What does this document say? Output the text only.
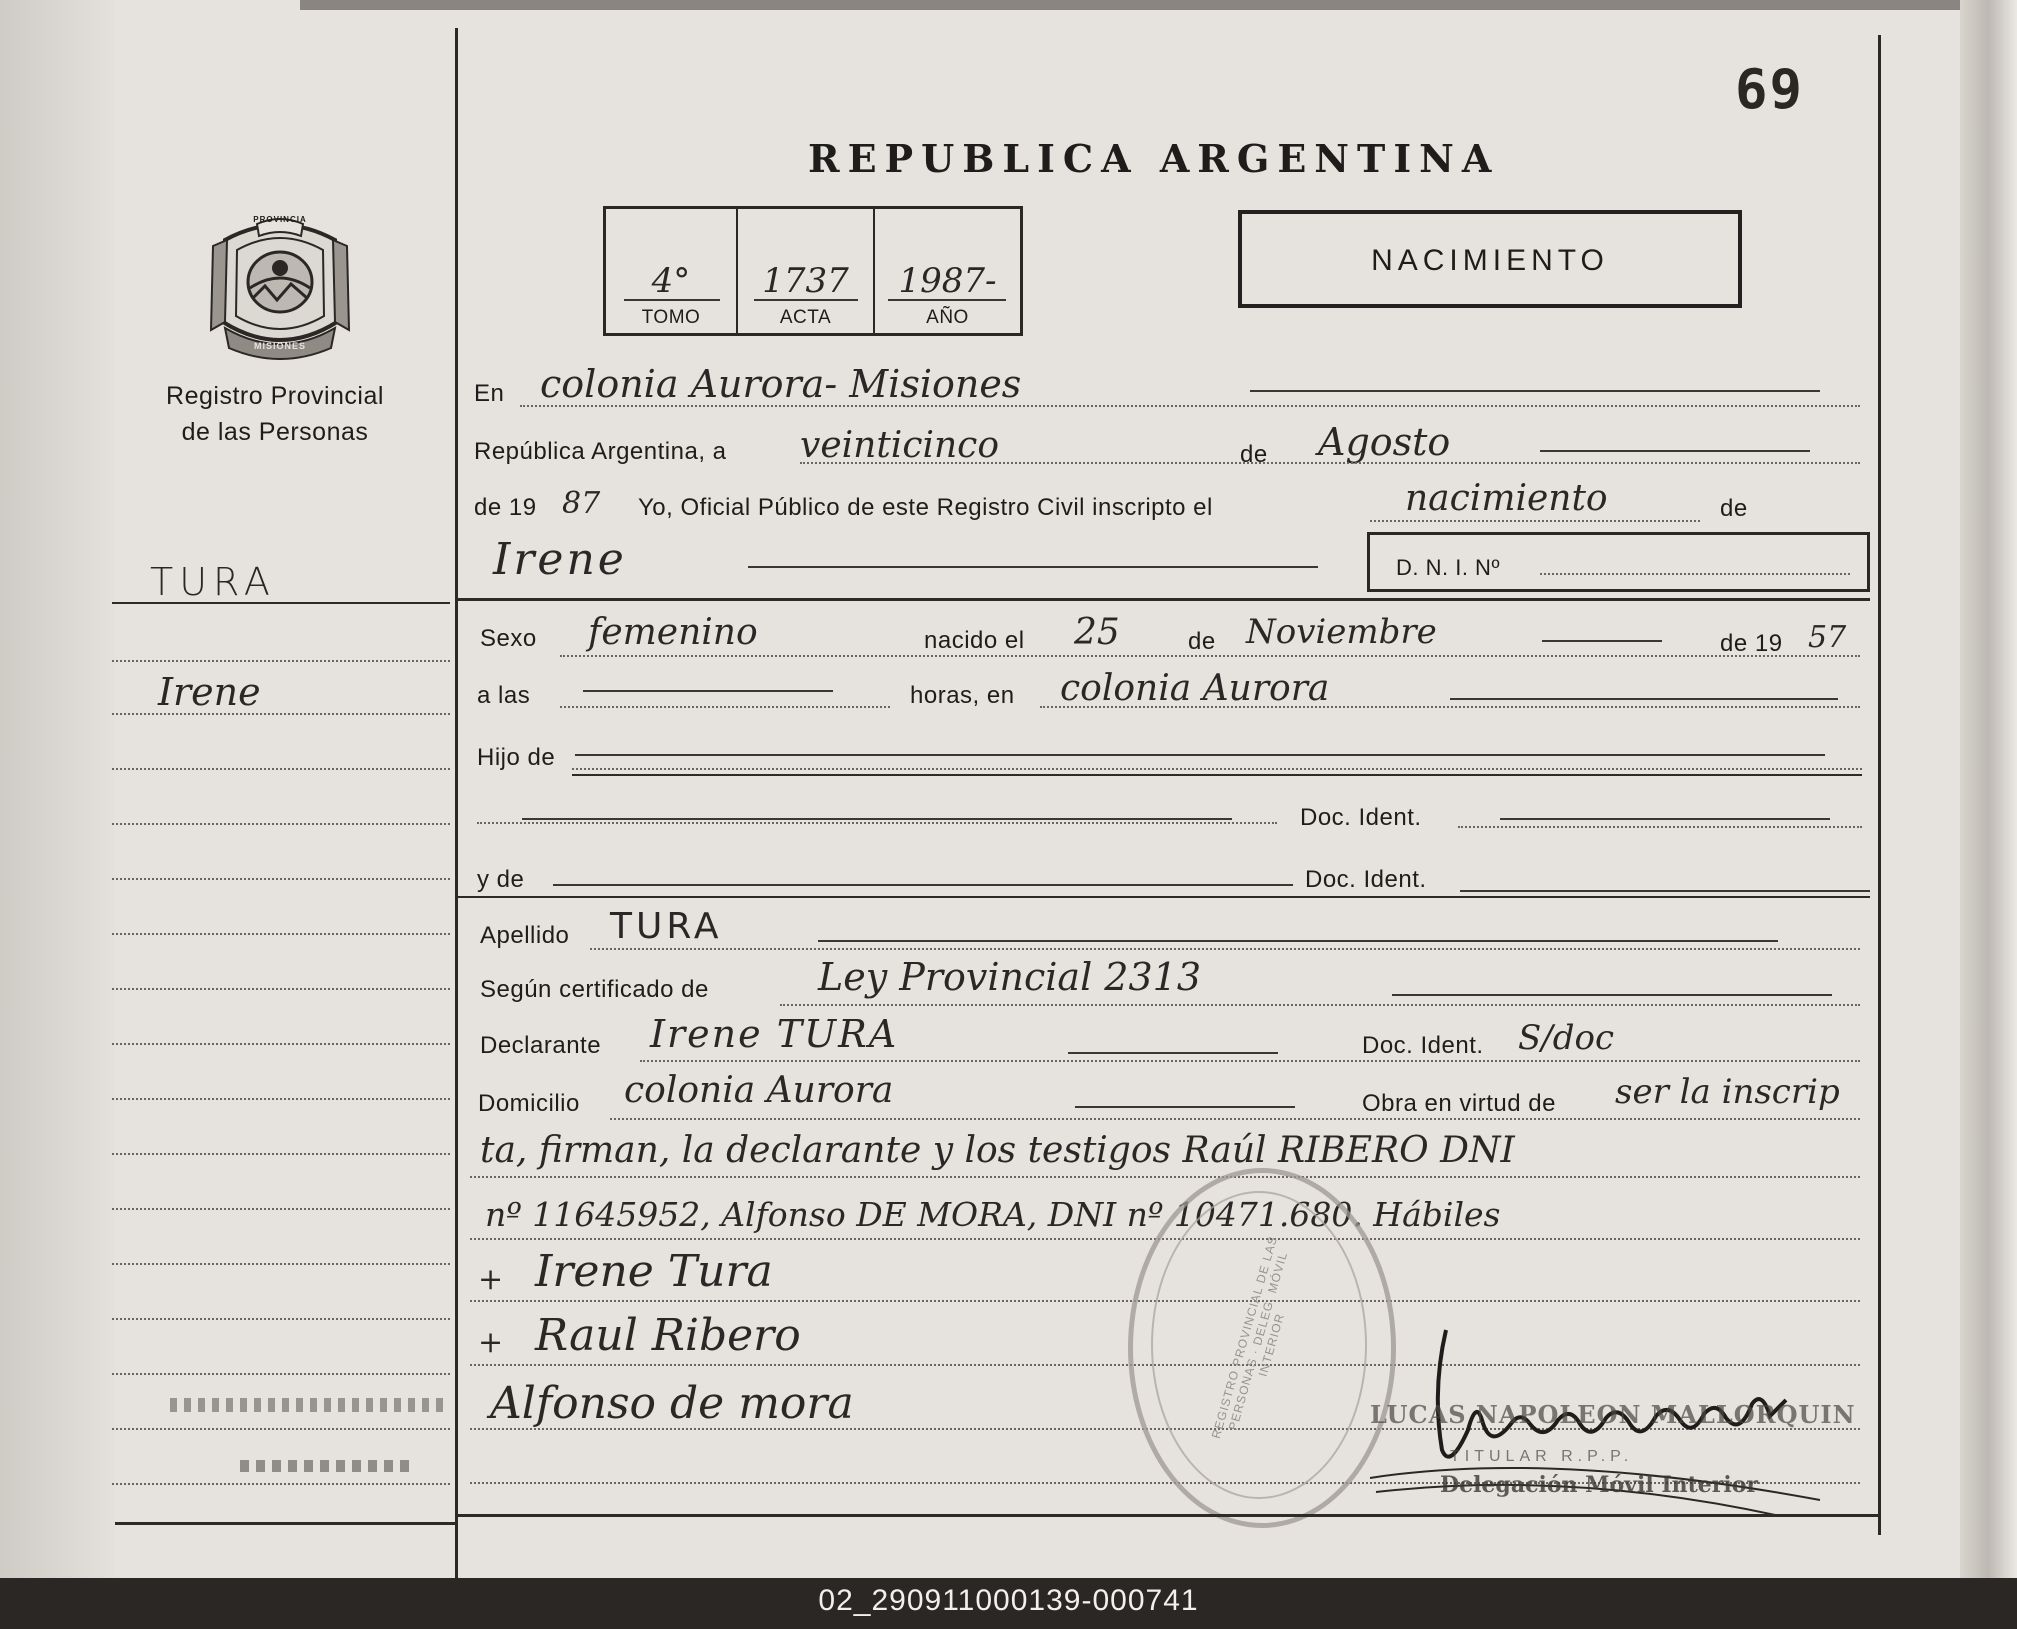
69
REPUBLICA ARGENTINA
4°
TOMO
1737
ACTA
1987-
AÑO
NACIMIENTO
PROVINCIA
MISIONES
Registro Provincial
de las Personas
TURA
Irene
En colonia Aurora- Misiones
República Argentina, a veinticinco	de Agosto
de 19 87 Yo, Oficial Público de este Registro Civil inscripto el	nacimiento	de
Irene	D. N. I. Nº
Sexo femenino	nacido el 25	de Noviembre	de 19 57
a las	horas, en colonia Aurora
Hijo de
Doc. Ident.
y de	Doc. Ident.
Apellido TURA
Según certificado de	Ley Provincial 2313
Declarante Irene TURA	Doc. Ident. S/doc
Domicilio colonia Aurora	Obra en virtud de ser la inscrip
ta, firman, la declarante y los testigos Raúl RIBERO DNI
nº 11645952, Alfonso DE MORA, DNI nº 10471.680. Hábiles
+ Irene Tura
+ Raul Ribero
Alfonso de mora	REGISTRO PROVINCIAL DE LAS PERSONAS · DELEG. MÓVIL INTERIOR
LUCAS NAPOLEON MALLORQUIN
TITULAR R.P.P.
Delegación Móvil Interior
02_290911000139-000741
